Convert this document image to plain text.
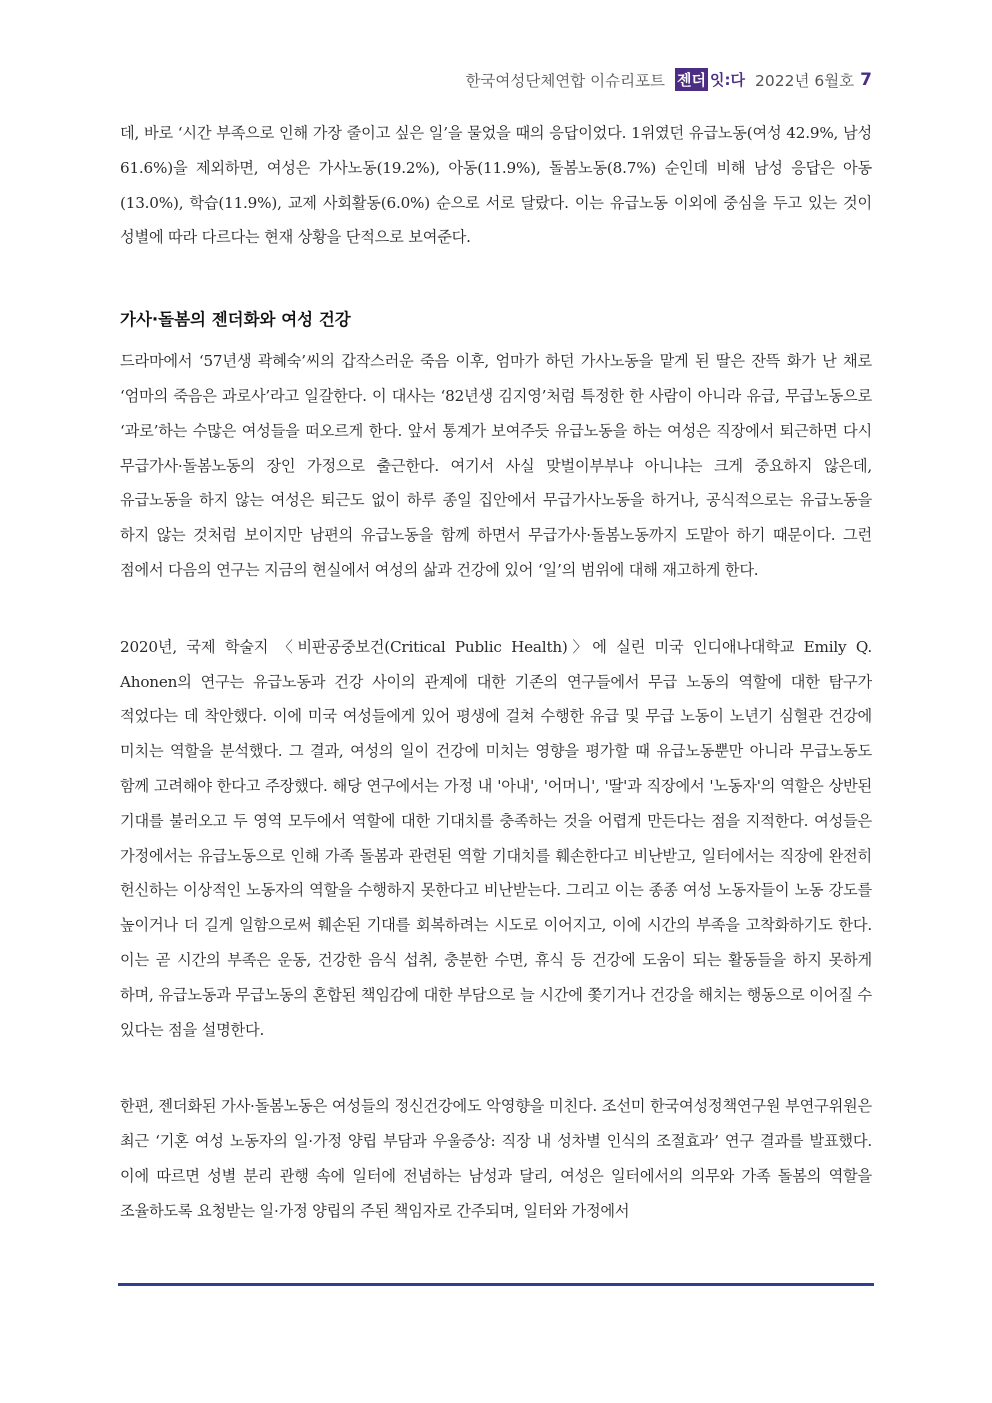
한국여성단체연합 이슈리포트 젠더 잇:다 2022년 6월호 7

데, 바로 ‘시간 부족으로 인해 가장 줄이고 싶은 일’을 물었을 때의 응답이었다. 1위였던 유급노동(여성 42.9%, 남성 61.6%)을 제외하면, 여성은 가사노동(19.2%), 아동(11.9%), 돌봄노동(8.7%) 순인데 비해 남성 응답은 아동(13.0%), 학습(11.9%), 교제 사회활동(6.0%) 순으로 서로 달랐다. 이는 유급노동 이외에 중심을 두고 있는 것이 성별에 따라 다르다는 현재 상황을 단적으로 보여준다.

가사·돌봄의 젠더화와 여성 건강

드라마에서 ‘57년생 곽혜숙’씨의 갑작스러운 죽음 이후, 엄마가 하던 가사노동을 맡게 된 딸은 잔뜩 화가 난 채로 ‘엄마의 죽음은 과로사’라고 일갈한다. 이 대사는 ‘82년생 김지영’처럼 특정한 한 사람이 아니라 유급, 무급노동으로 ‘과로’하는 수많은 여성들을 떠오르게 한다. 앞서 통계가 보여주듯 유급노동을 하는 여성은 직장에서 퇴근하면 다시 무급가사·돌봄노동의 장인 가정으로 출근한다. 여기서 사실 맞벌이부부냐 아니냐는 크게 중요하지 않은데, 유급노동을 하지 않는 여성은 퇴근도 없이 하루 종일 집안에서 무급가사노동을 하거나, 공식적으로는 유급노동을 하지 않는 것처럼 보이지만 남편의 유급노동을 함께 하면서 무급가사·돌봄노동까지 도맡아 하기 때문이다. 그런 점에서 다음의 연구는 지금의 현실에서 여성의 삶과 건강에 있어 ‘일’의 범위에 대해 재고하게 한다.

2020년, 국제 학술지 〈비판공중보건(Critical Public Health)〉에 실린 미국 인디애나대학교 Emily Q. Ahonen의 연구는 유급노동과 건강 사이의 관계에 대한 기존의 연구들에서 무급 노동의 역할에 대한 탐구가 적었다는 데 착안했다. 이에 미국 여성들에게 있어 평생에 걸쳐 수행한 유급 및 무급 노동이 노년기 심혈관 건강에 미치는 역할을 분석했다. 그 결과, 여성의 일이 건강에 미치는 영향을 평가할 때 유급노동뿐만 아니라 무급노동도 함께 고려해야 한다고 주장했다. 해당 연구에서는 가정 내 '아내', '어머니', '딸'과 직장에서 '노동자'의 역할은 상반된 기대를 불러오고 두 영역 모두에서 역할에 대한 기대치를 충족하는 것을 어렵게 만든다는 점을 지적한다. 여성들은 가정에서는 유급노동으로 인해 가족 돌봄과 관련된 역할 기대치를 훼손한다고 비난받고, 일터에서는 직장에 완전히 헌신하는 이상적인 노동자의 역할을 수행하지 못한다고 비난받는다. 그리고 이는 종종 여성 노동자들이 노동 강도를 높이거나 더 길게 일함으로써 훼손된 기대를 회복하려는 시도로 이어지고, 이에 시간의 부족을 고착화하기도 한다. 이는 곧 시간의 부족은 운동, 건강한 음식 섭취, 충분한 수면, 휴식 등 건강에 도움이 되는 활동들을 하지 못하게 하며, 유급노동과 무급노동의 혼합된 책임감에 대한 부담으로 늘 시간에 쫓기거나 건강을 해치는 행동으로 이어질 수 있다는 점을 설명한다.

한편, 젠더화된 가사·돌봄노동은 여성들의 정신건강에도 악영향을 미친다. 조선미 한국여성정책연구원 부연구위원은 최근 ‘기혼 여성 노동자의 일·가정 양립 부담과 우울증상: 직장 내 성차별 인식의 조절효과’ 연구 결과를 발표했다. 이에 따르면 성별 분리 관행 속에 일터에 전념하는 남성과 달리, 여성은 일터에서의 의무와 가족 돌봄의 역할을 조율하도록 요청받는 일·가정 양립의 주된 책임자로 간주되며, 일터와 가정에서
